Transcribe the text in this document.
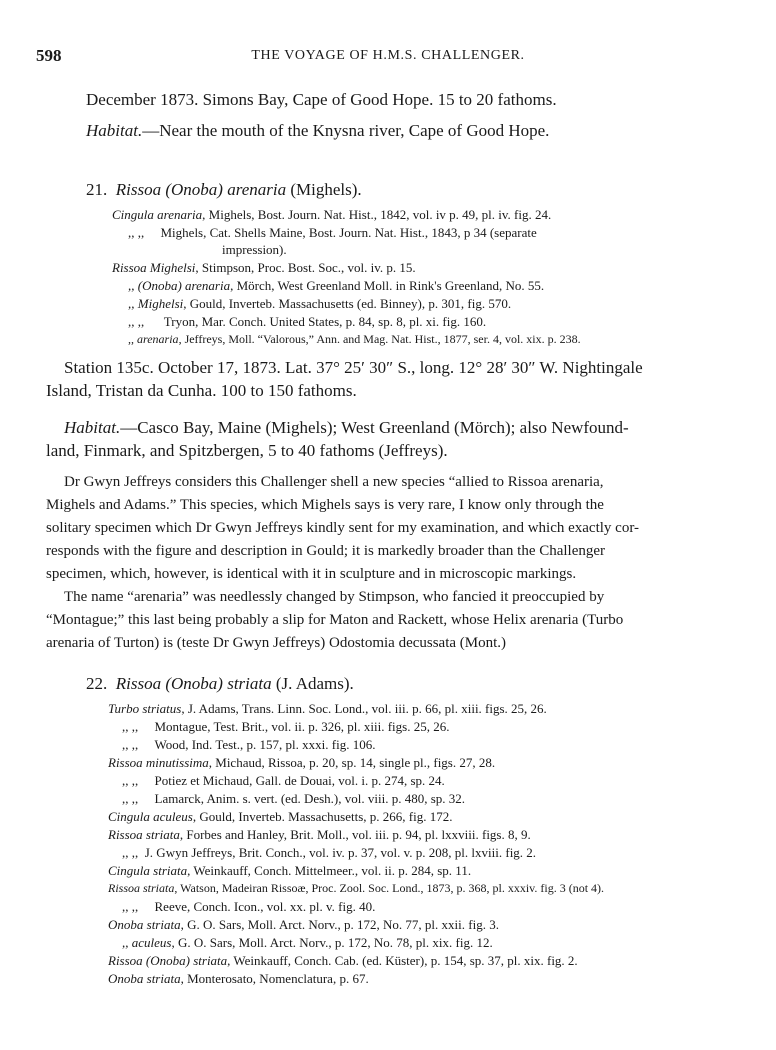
598	THE VOYAGE OF H.M.S. CHALLENGER.
December 1873. Simons Bay, Cape of Good Hope. 15 to 20 fathoms.
Habitat.—Near the mouth of the Knysna river, Cape of Good Hope.
21. Rissoa (Onoba) arenaria (Mighels).
Cingula arenaria, Mighels, Bost. Journ. Nat. Hist., 1842, vol. iv p. 49, pl. iv. fig. 24.
,, ,, Mighels, Cat. Shells Maine, Bost. Journ. Nat. Hist., 1843, p 34 (separate
impression).
Rissoa Mighelsi, Stimpson, Proc. Bost. Soc., vol. iv. p. 15.
,, (Onoba) arenaria, Mörch, West Greenland Moll. in Rink's Greenland, No. 55.
,, Mighelsi, Gould, Inverteb. Massachusetts (ed. Binney), p. 301, fig. 570.
,, ,, Tryon, Mar. Conch. United States, p. 84, sp. 8, pl. xi. fig. 160.
,, arenaria, Jeffreys, Moll. “Valorous,” Ann. and Mag. Nat. Hist., 1877, ser. 4, vol. xix. p. 238.
Station 135c. October 17, 1873. Lat. 37° 25′ 30″ S., long. 12° 28′ 30″ W. Nightingale
Island, Tristan da Cunha. 100 to 150 fathoms.
Habitat.—Casco Bay, Maine (Mighels); West Greenland (Mörch); also Newfound-
land, Finmark, and Spitzbergen, 5 to 40 fathoms (Jeffreys).
Dr Gwyn Jeffreys considers this Challenger shell a new species “allied to Rissoa arenaria,
Mighels and Adams.” This species, which Mighels says is very rare, I know only through the
solitary specimen which Dr Gwyn Jeffreys kindly sent for my examination, and which exactly cor-
responds with the figure and description in Gould; it is markedly broader than the Challenger
specimen, which, however, is identical with it in sculpture and in microscopic markings.
The name “arenaria” was needlessly changed by Stimpson, who fancied it preoccupied by
“Montague;” this last being probably a slip for Maton and Rackett, whose Helix arenaria (Turbo
arenaria of Turton) is (teste Dr Gwyn Jeffreys) Odostomia decussata (Mont.)
22. Rissoa (Onoba) striata (J. Adams).
Turbo striatus, J. Adams, Trans. Linn. Soc. Lond., vol. iii. p. 66, pl. xiii. figs. 25, 26.
,, ,, Montague, Test. Brit., vol. ii. p. 326, pl. xiii. figs. 25, 26.
,, ,, Wood, Ind. Test., p. 157, pl. xxxi. fig. 106.
Rissoa minutissima, Michaud, Rissoa, p. 20, sp. 14, single pl., figs. 27, 28.
,, ,, Potiez et Michaud, Gall. de Douai, vol. i. p. 274, sp. 24.
,, ,, Lamarck, Anim. s. vert. (ed. Desh.), vol. viii. p. 480, sp. 32.
Cingula aculeus, Gould, Inverteb. Massachusetts, p. 266, fig. 172.
Rissoa striata, Forbes and Hanley, Brit. Moll., vol. iii. p. 94, pl. lxxviii. figs. 8, 9.
,, ,, J. Gwyn Jeffreys, Brit. Conch., vol. iv. p. 37, vol. v. p. 208, pl. lxviii. fig. 2.
Cingula striata, Weinkauff, Conch. Mittelmeer., vol. ii. p. 284, sp. 11.
Rissoa striata, Watson, Madeiran Rissoæ, Proc. Zool. Soc. Lond., 1873, p. 368, pl. xxxiv. fig. 3 (not 4).
,, ,, Reeve, Conch. Icon., vol. xx. pl. v. fig. 40.
Onoba striata, G. O. Sars, Moll. Arct. Norv., p. 172, No. 77, pl. xxii. fig. 3.
,, aculeus, G. O. Sars, Moll. Arct. Norv., p. 172, No. 78, pl. xix. fig. 12.
Rissoa (Onoba) striata, Weinkauff, Conch. Cab. (ed. Küster), p. 154, sp. 37, pl. xix. fig. 2.
Onoba striata, Monterosato, Nomenclatura, p. 67.
